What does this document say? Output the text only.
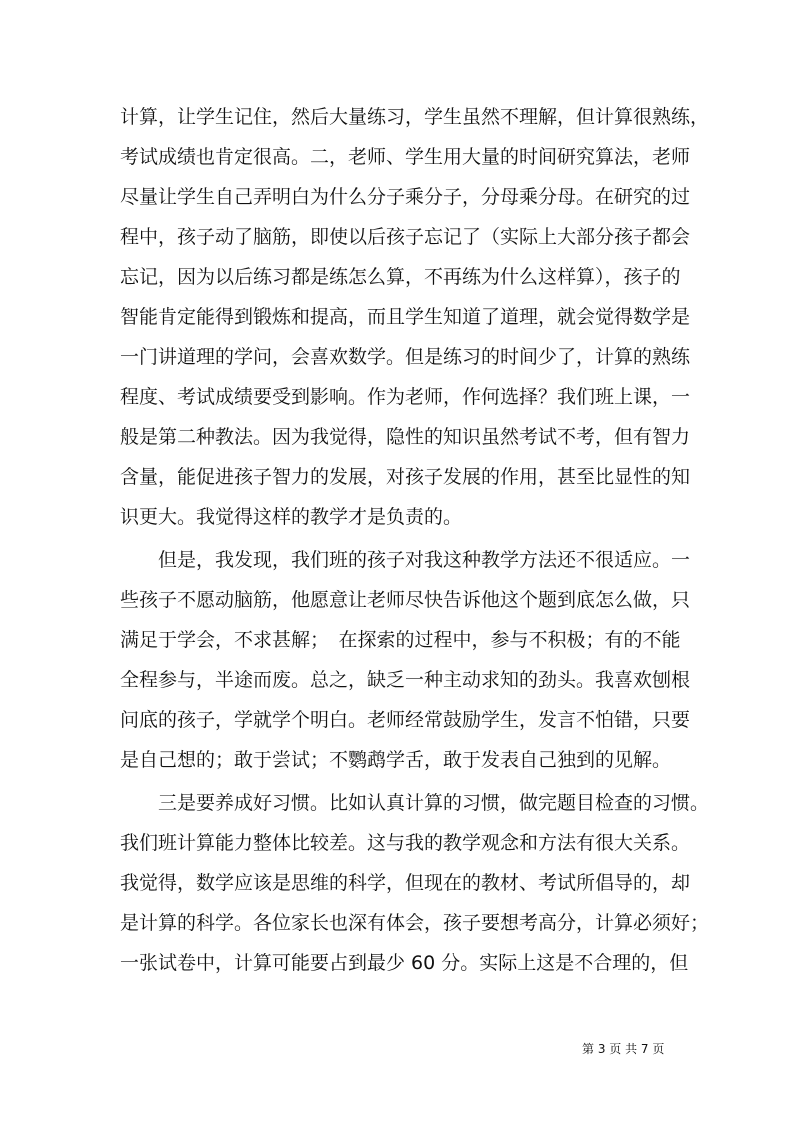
计算，让学生记住，然后大量练习，学生虽然不理解，但计算很熟练，
考试成绩也肯定很高。二，老师、学生用大量的时间研究算法，老师
尽量让学生自己弄明白为什么分子乘分子，分母乘分母。在研究的过
程中，孩子动了脑筋，即使以后孩子忘记了（实际上大部分孩子都会
忘记，因为以后练习都是练怎么算，不再练为什么这样算），孩子的
智能肯定能得到锻炼和提高，而且学生知道了道理，就会觉得数学是
一门讲道理的学问，会喜欢数学。但是练习的时间少了，计算的熟练
程度、考试成绩要受到影响。作为老师，作何选择？我们班上课，一
般是第二种教法。因为我觉得，隐性的知识虽然考试不考，但有智力
含量，能促进孩子智力的发展，对孩子发展的作用，甚至比显性的知
识更大。我觉得这样的教学才是负责的。
　　但是，我发现，我们班的孩子对我这种教学方法还不很适应。一
些孩子不愿动脑筋，他愿意让老师尽快告诉他这个题到底怎么做，只
满足于学会，不求甚解；　在探索的过程中，参与不积极；有的不能
全程参与，半途而废。总之，缺乏一种主动求知的劲头。我喜欢刨根
问底的孩子，学就学个明白。老师经常鼓励学生，发言不怕错，只要
是自己想的；敢于尝试；不鹦鹉学舌，敢于发表自己独到的见解。
　　三是要养成好习惯。比如认真计算的习惯，做完题目检查的习惯。
我们班计算能力整体比较差。这与我的教学观念和方法有很大关系。
我觉得，数学应该是思维的科学，但现在的教材、考试所倡导的，却
是计算的科学。各位家长也深有体会，孩子要想考高分，计算必须好；
一张试卷中，计算可能要占到最少 60 分。实际上这是不合理的，但
第 3 页 共 7 页
